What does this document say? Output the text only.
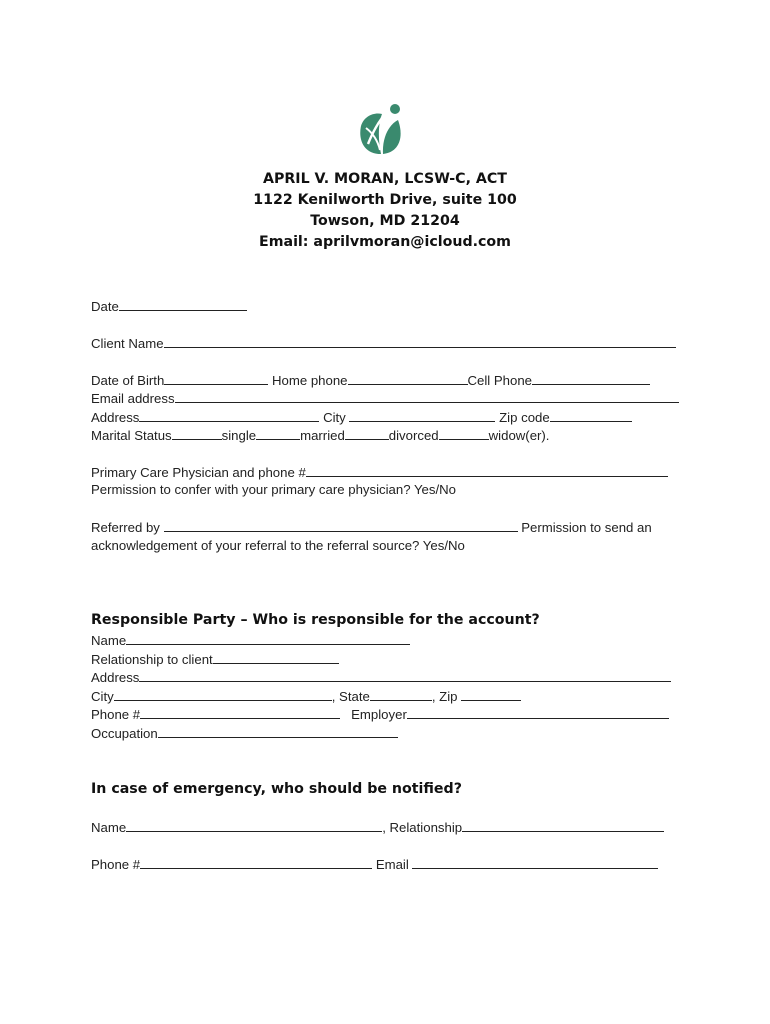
APRIL V. MORAN, LCSW-C, ACT
1122 Kenilworth Drive, suite 100
Towson, MD 21204
Email: aprilvmoran@icloud.com
Date
Client Name
Date of Birth	Home phone	Cell Phone
Email address
Address	City	Zip code
Marital Status	single	married	divorced	widow(er).
Primary Care Physician and phone #
Permission to confer with your primary care physician? Yes/No
Referred by	Permission to send an
acknowledgement of your referral to the referral source? Yes/No
Responsible Party – Who is responsible for the account?
Name
Relationship to client
Address
City	, State	, Zip
Phone #	Employer
Occupation
In case of emergency, who should be notified?
Name	, Relationship
Phone #	Email
